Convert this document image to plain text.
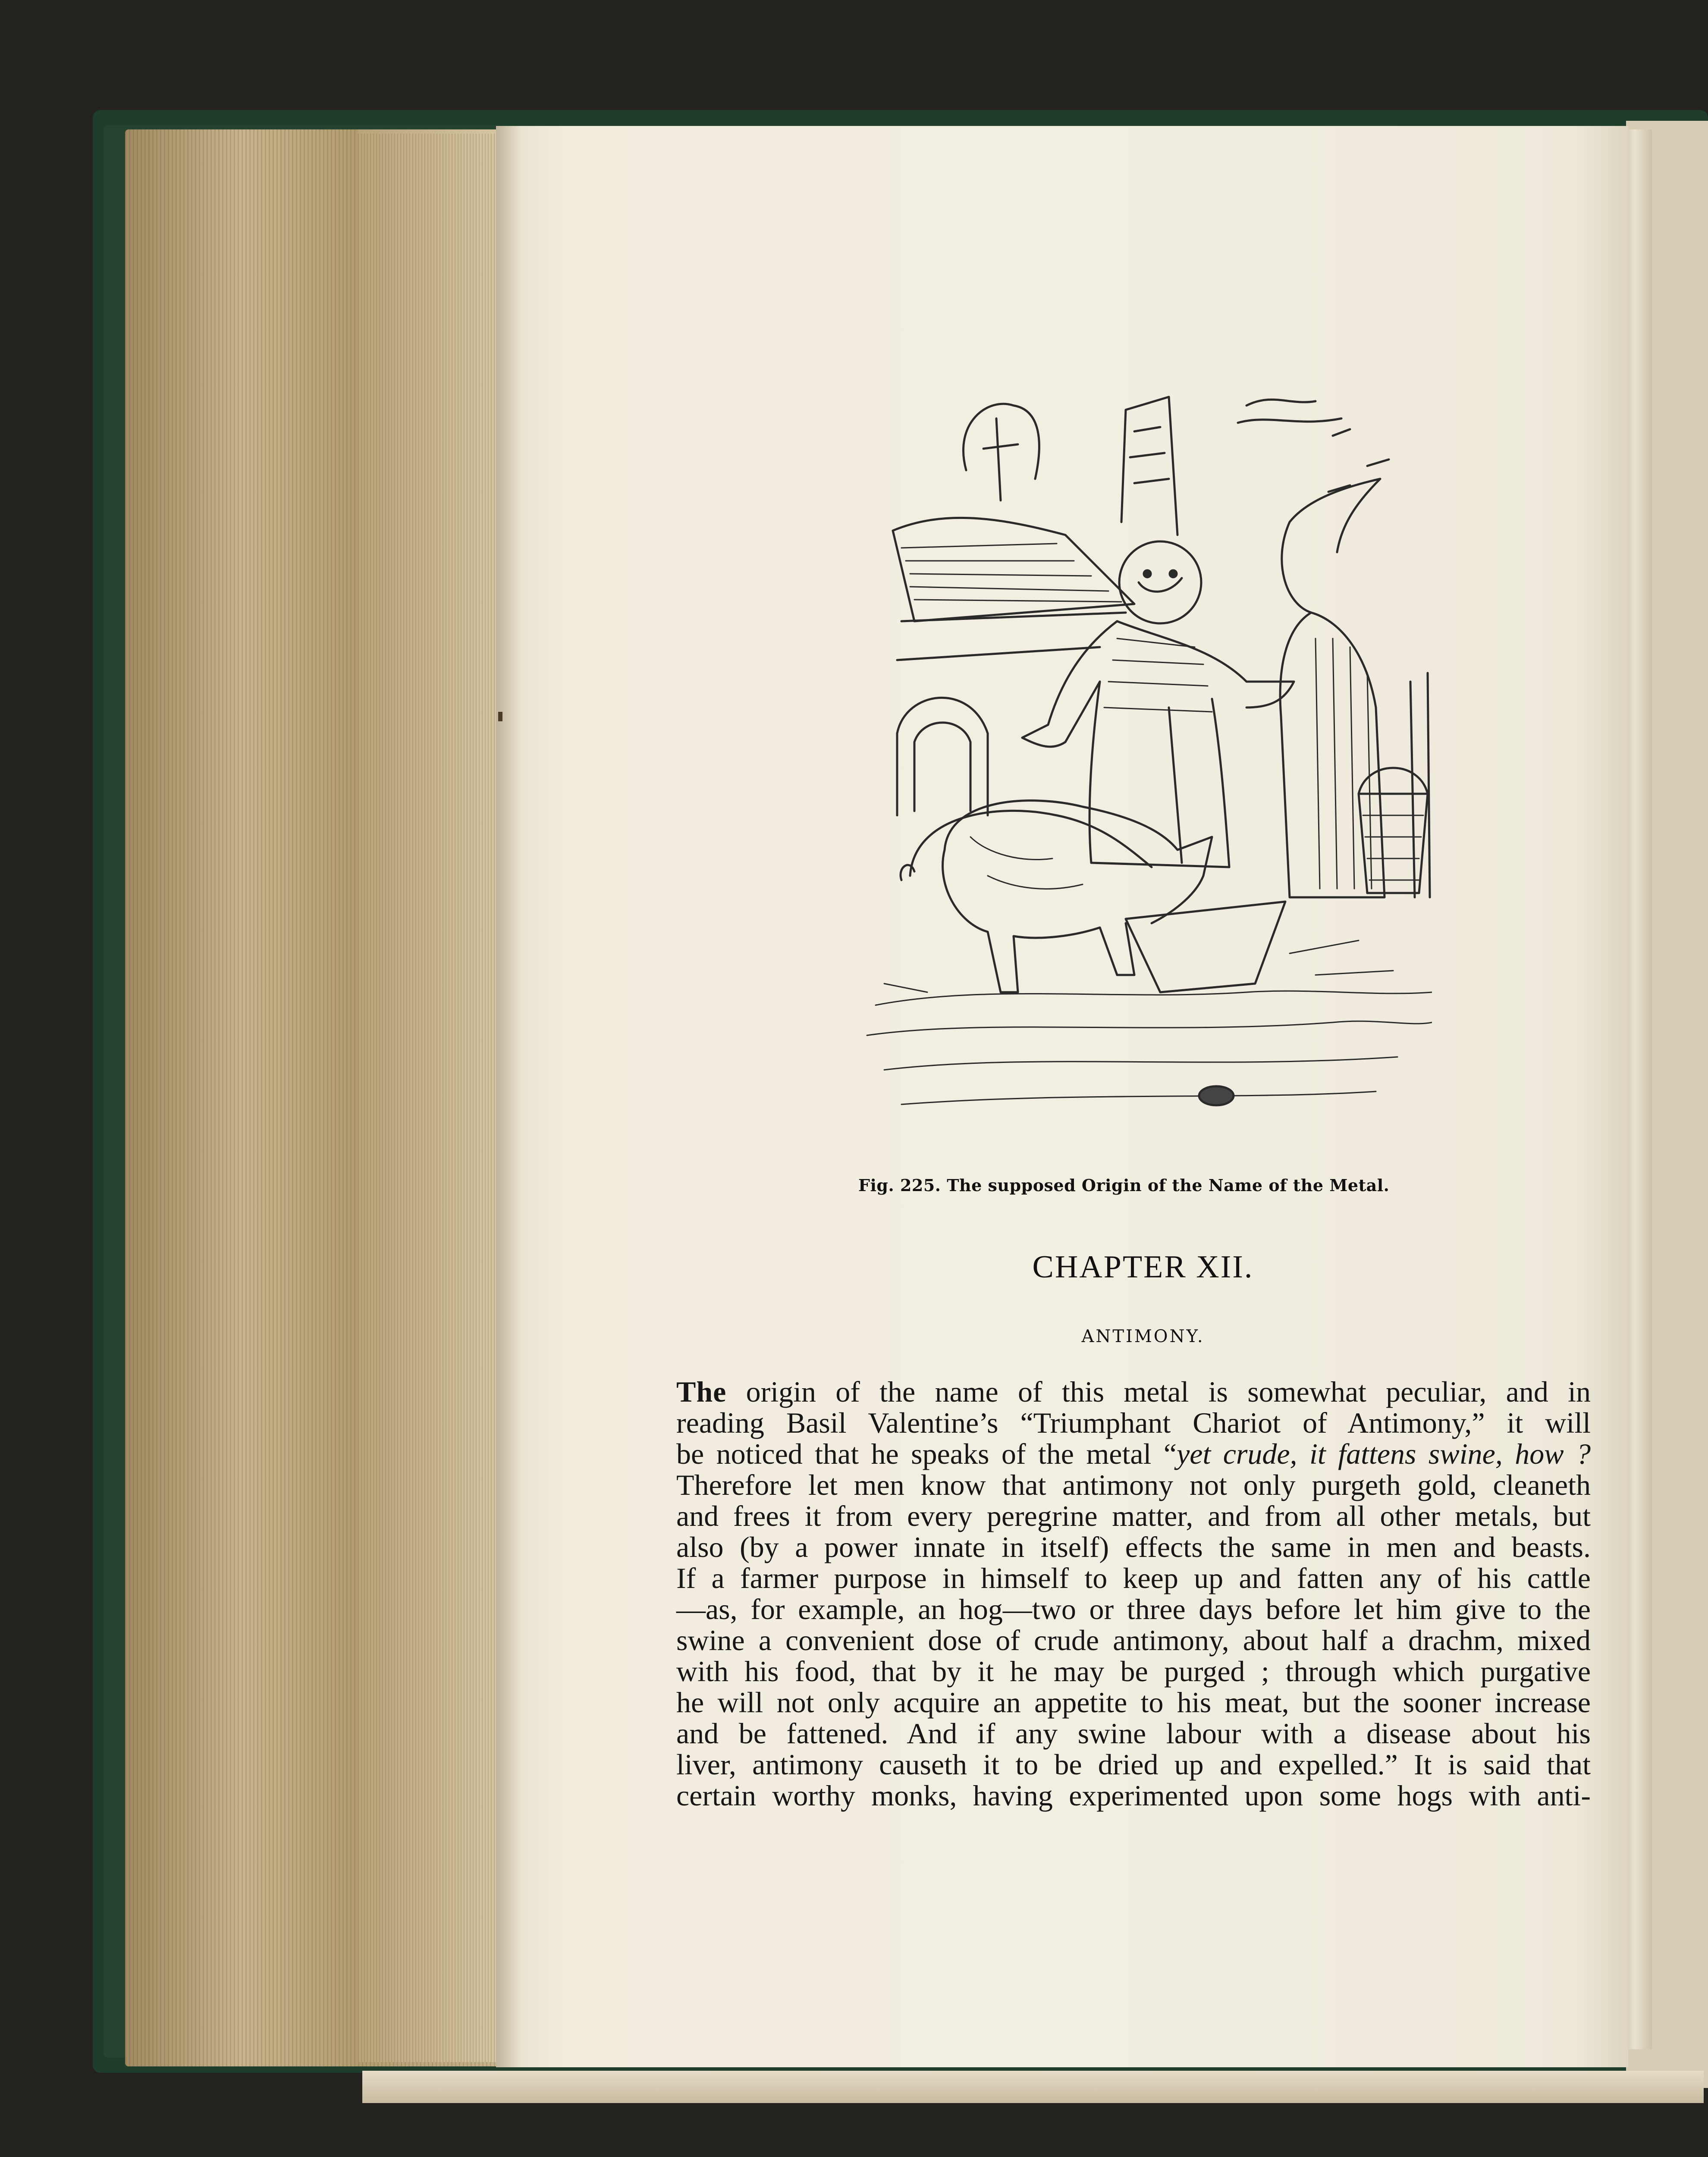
Fig. 225. The supposed Origin of the Name of the Metal.
CHAPTER XII.
ANTIMONY.
The origin of the name of this metal is somewhat peculiar, and in
reading Basil Valentine’s “Triumphant Chariot of Antimony,” it will
be noticed that he speaks of the metal “yet crude, it fattens swine, how ?
Therefore let men know that antimony not only purgeth gold, cleaneth
and frees it from every peregrine matter, and from all other metals, but
also (by a power innate in itself) effects the same in men and beasts.
If a farmer purpose in himself to keep up and fatten any of his cattle
—as, for example, an hog—two or three days before let him give to the
swine a convenient dose of crude antimony, about half a drachm, mixed
with his food, that by it he may be purged ; through which purgative
he will not only acquire an appetite to his meat, but the sooner increase
and be fattened. And if any swine labour with a disease about his
liver, antimony causeth it to be dried up and expelled.” It is said that
certain worthy monks, having experimented upon some hogs with anti-
